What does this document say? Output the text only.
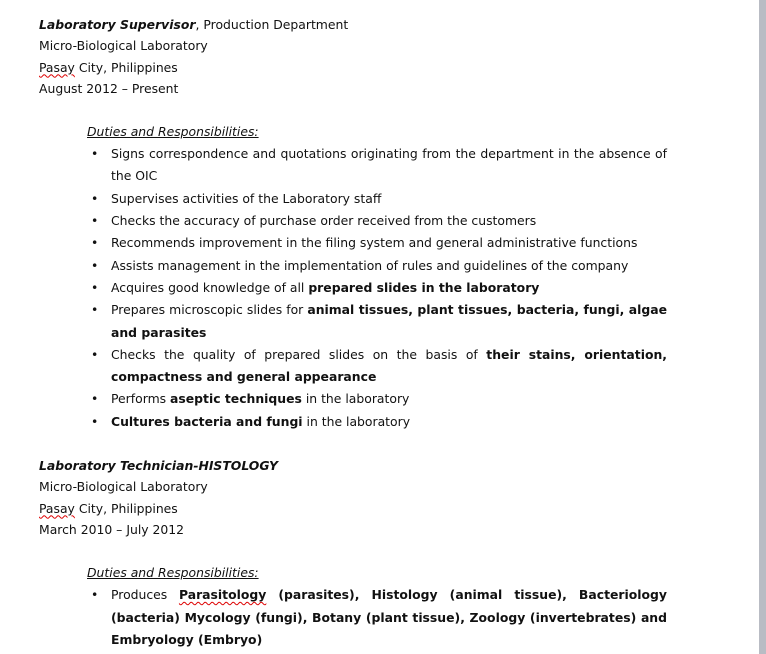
Laboratory Supervisor, Production Department
Micro-Biological Laboratory
Pasay City, Philippines
August 2012 – Present
Duties and Responsibilities:
• Signs correspondence and quotations originating from the department in the absence of the OIC
• Supervises activities of the Laboratory staff
• Checks the accuracy of purchase order received from the customers
• Recommends improvement in the filing system and general administrative functions
• Assists management in the implementation of rules and guidelines of the company
• Acquires good knowledge of all prepared slides in the laboratory
• Prepares microscopic slides for animal tissues, plant tissues, bacteria, fungi, algae and parasites
• Checks the quality of prepared slides on the basis of their stains, orientation, compactness and general appearance
• Performs aseptic techniques in the laboratory
• Cultures bacteria and fungi in the laboratory
Laboratory Technician-HISTOLOGY
Micro-Biological Laboratory
Pasay City, Philippines
March 2010 – July 2012
Duties and Responsibilities:
• Produces Parasitology (parasites), Histology (animal tissue), Bacteriology (bacteria) Mycology (fungi), Botany (plant tissue), Zoology (invertebrates) and Embryology (Embryo)
